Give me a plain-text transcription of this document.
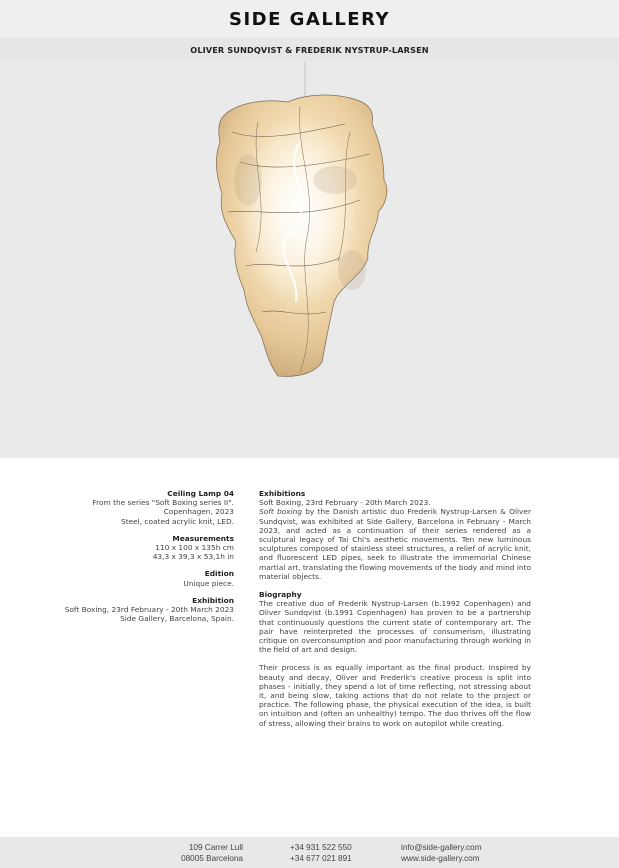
SIDE GALLERY
OLIVER SUNDQVIST & FREDERIK NYSTRUP-LARSEN
Ceiling Lamp 04
From the series "Soft Boxing series II".
Copenhagen, 2023
Steel, coated acrylic knit, LED.
Measurements
110 x 100 x 135h cm
43,3 x 39,3 x 53,1h in
Edition
Unique piece.
Exhibition
Soft Boxing, 23rd February - 20th March 2023
Side Gallery, Barcelona, Spain.
Exhibitions

Soft Boxing, 23rd February - 20th March 2023.

Soft boxing by the Danish artistic duo Frederik Nystrup-Larsen & Oliver Sundqvist, was exhibited at Side Gallery, Barcelona in February - March 2023, and acted as a continuation of their series rendered as a sculptural legacy of Tai Chi's aesthetic movements. Ten new luminous sculptures composed of stainless steel structures, a relief of acrylic knit, and fluorescent LED pipes, seek to illustrate the immemorial Chinese martial art, translating the flowing movements of the body and mind into material objects.

Biography

The creative duo of Frederik Nystrup-Larsen (b.1992 Copenhagen) and Oliver Sundqvist (b.1991 Copenhagen) has proven to be a partnership that continuously questions the current state of contemporary art. The pair have reinterpreted the processes of consumerism, illustrating critique on overconsumption and poor manufacturing through working in the field of art and design.

Their process is as equally important as the final product. Inspired by beauty and decay, Oliver and Frederik's creative process is split into phases - initially, they spend a lot of time reflecting, not stressing about it, and being slow, taking actions that do not relate to the project or practice. The following phase, the physical execution of the idea, is built on intuition and (often an unhealthy) tempo. The duo thrives off the flow of stress, allowing their brains to work on autopilot while creating.

109 Carrer Lull
08005 Barcelona
+34 931 522 550
+34 677 021 891
info@side-gallery.com
www.side-gallery.com
